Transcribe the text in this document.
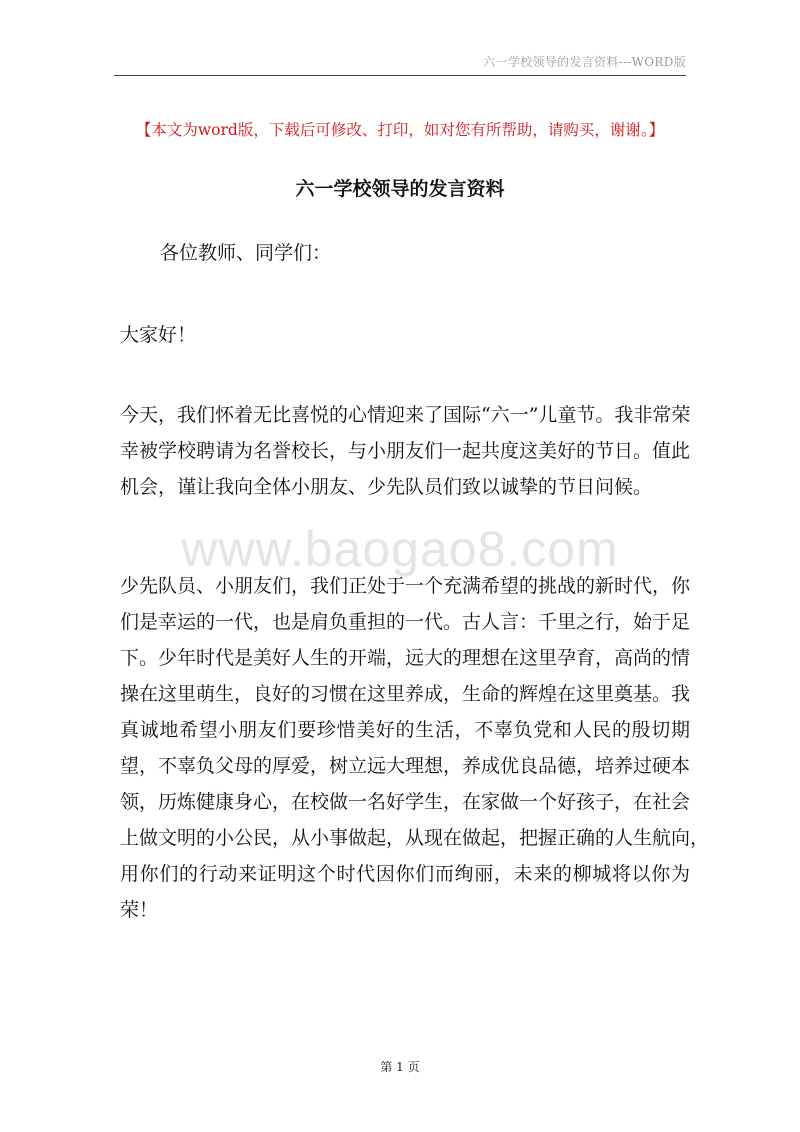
六一学校领导的发言资料---WORD版
【本文为word版，下载后可修改、打印，如对您有所帮助，请购买，谢谢。】
六一学校领导的发言资料
各位教师、同学们：
大家好！
今天，我们怀着无比喜悦的心情迎来了国际“六一”儿童节。我非常荣
幸被学校聘请为名誉校长，与小朋友们一起共度这美好的节日。值此
机会，谨让我向全体小朋友、少先队员们致以诚挚的节日问候。
www.baogao8.com
少先队员、小朋友们，我们正处于一个充满希望的挑战的新时代，你
们是幸运的一代，也是肩负重担的一代。古人言：千里之行，始于足
下。少年时代是美好人生的开端，远大的理想在这里孕育，高尚的情
操在这里萌生，良好的习惯在这里养成，生命的辉煌在这里奠基。我
真诚地希望小朋友们要珍惜美好的生活，不辜负党和人民的殷切期
望，不辜负父母的厚爱，树立远大理想，养成优良品德，培养过硬本
领，历炼健康身心，在校做一名好学生，在家做一个好孩子，在社会
上做文明的小公民，从小事做起，从现在做起，把握正确的人生航向，
用你们的行动来证明这个时代因你们而绚丽，未来的柳城将以你为
荣！
第 1 页
